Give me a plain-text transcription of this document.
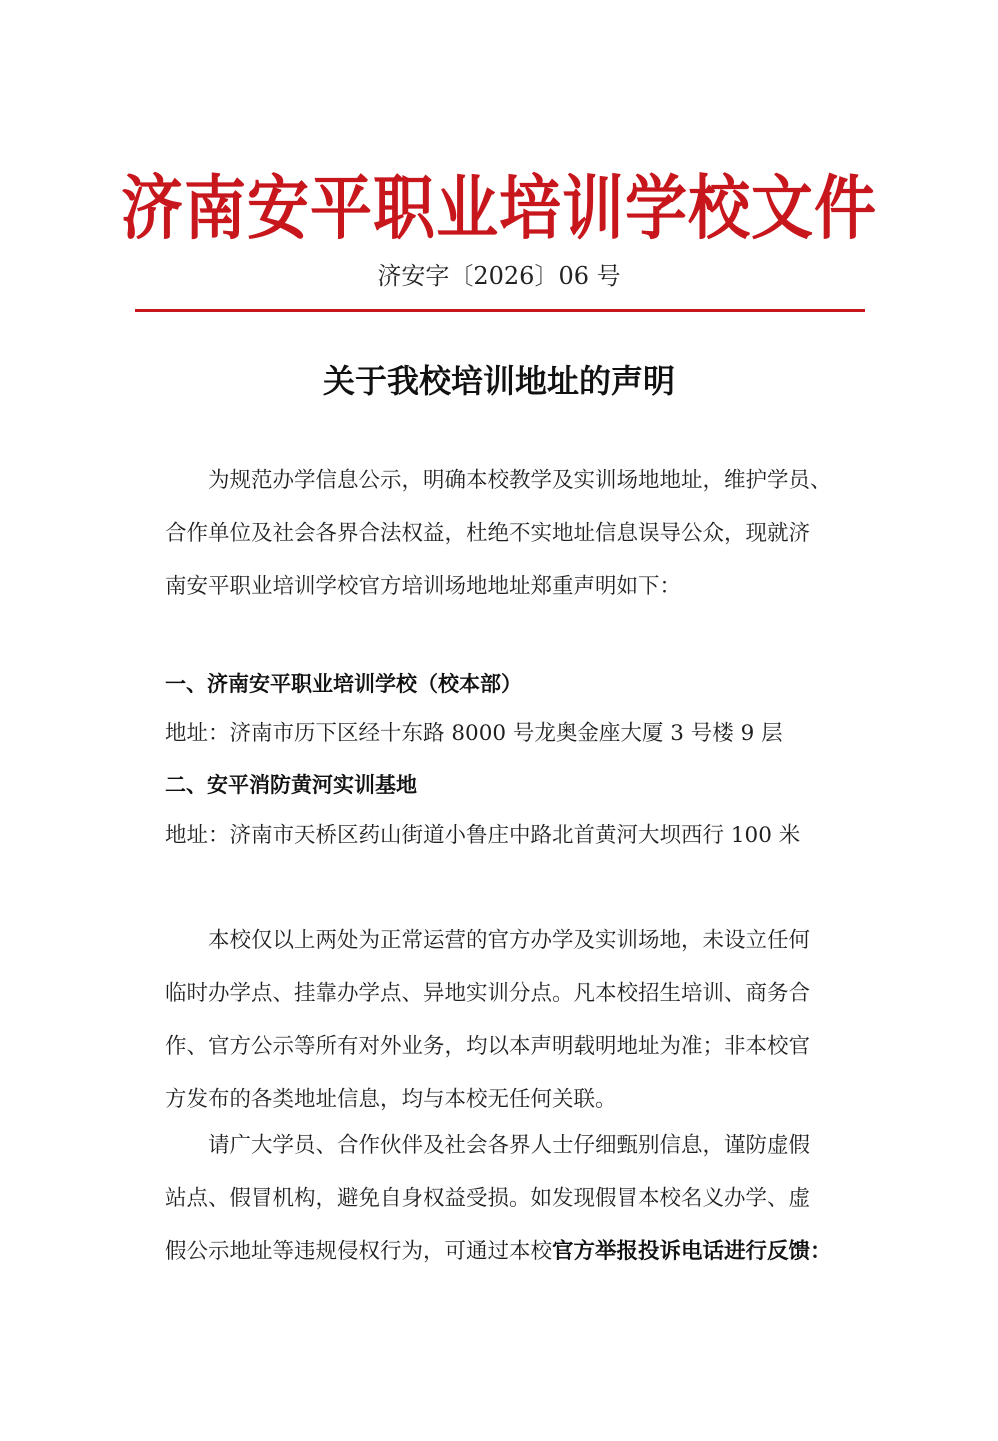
济南安平职业培训学校文件
济安字〔2026〕06 号
关于我校培训地址的声明
为规范办学信息公示，明确本校教学及实训场地地址，维护学员、
合作单位及社会各界合法权益，杜绝不实地址信息误导公众，现就济
南安平职业培训学校官方培训场地地址郑重声明如下：
一、济南安平职业培训学校（校本部）
地址：济南市历下区经十东路 8000 号龙奥金座大厦 3 号楼 9 层
二、安平消防黄河实训基地
地址：济南市天桥区药山街道小鲁庄中路北首黄河大坝西行 100 米
本校仅以上两处为正常运营的官方办学及实训场地，未设立任何
临时办学点、挂靠办学点、异地实训分点。凡本校招生培训、商务合
作、官方公示等所有对外业务，均以本声明载明地址为准；非本校官
方发布的各类地址信息，均与本校无任何关联。
请广大学员、合作伙伴及社会各界人士仔细甄别信息，谨防虚假
站点、假冒机构，避免自身权益受损。如发现假冒本校名义办学、虚
假公示地址等违规侵权行为，可通过本校官方举报投诉电话进行反馈：
